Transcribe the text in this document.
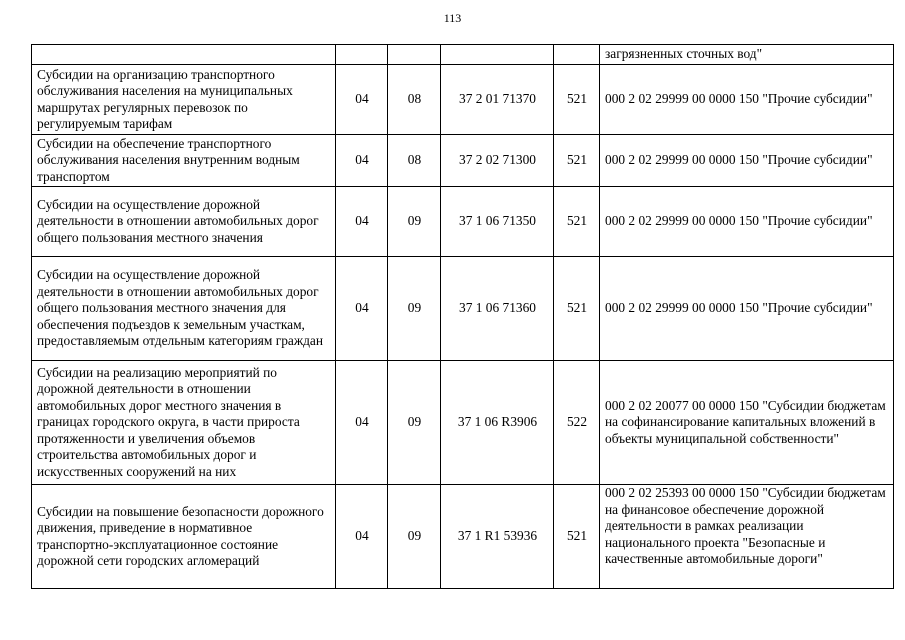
113
					загрязненных сточных вод"
Субсидии на организацию транспортного обслуживания населения на муниципальных маршрутах регулярных перевозок по регулируемым тарифам	04	08	37 2 01 71370	521	000 2 02 29999 00 0000 150 "Прочие субсидии"
Субсидии на обеспечение транспортного обслуживания населения внутренним водным транспортом	04	08	37 2 02 71300	521	000 2 02 29999 00 0000 150 "Прочие субсидии"
Субсидии на осуществление дорожной деятельности в отношении автомобильных дорог общего пользования местного значения	04	09	37 1 06 71350	521	000 2 02 29999 00 0000 150 "Прочие субсидии"
Субсидии на осуществление дорожной деятельности в отношении автомобильных дорог общего пользования местного значения для обеспечения подъездов к земельным участкам, предоставляемым отдельным категориям граждан	04	09	37 1 06 71360	521	000 2 02 29999 00 0000 150 "Прочие субсидии"
Субсидии на реализацию мероприятий по дорожной деятельности в отношении автомобильных дорог местного значения в границах городского округа, в части прироста протяженности и увеличения объемов строительства автомобильных дорог и искусственных сооружений на них	04	09	37 1 06 R3906	522	000 2 02 20077 00 0000 150 "Субсидии бюджетам на софинансирование капитальных вложений в объекты муниципальной собственности"
Субсидии на повышение безопасности дорожного движения, приведение в нормативное транспортно-эксплуатационное состояние дорожной сети городских агломераций	04	09	37 1 R1 53936	521	000 2 02 25393 00 0000 150 "Субсидии бюджетам на финансовое обеспечение дорожной деятельности в рамках реализации национального проекта "Безопасные и качественные автомобильные дороги"
